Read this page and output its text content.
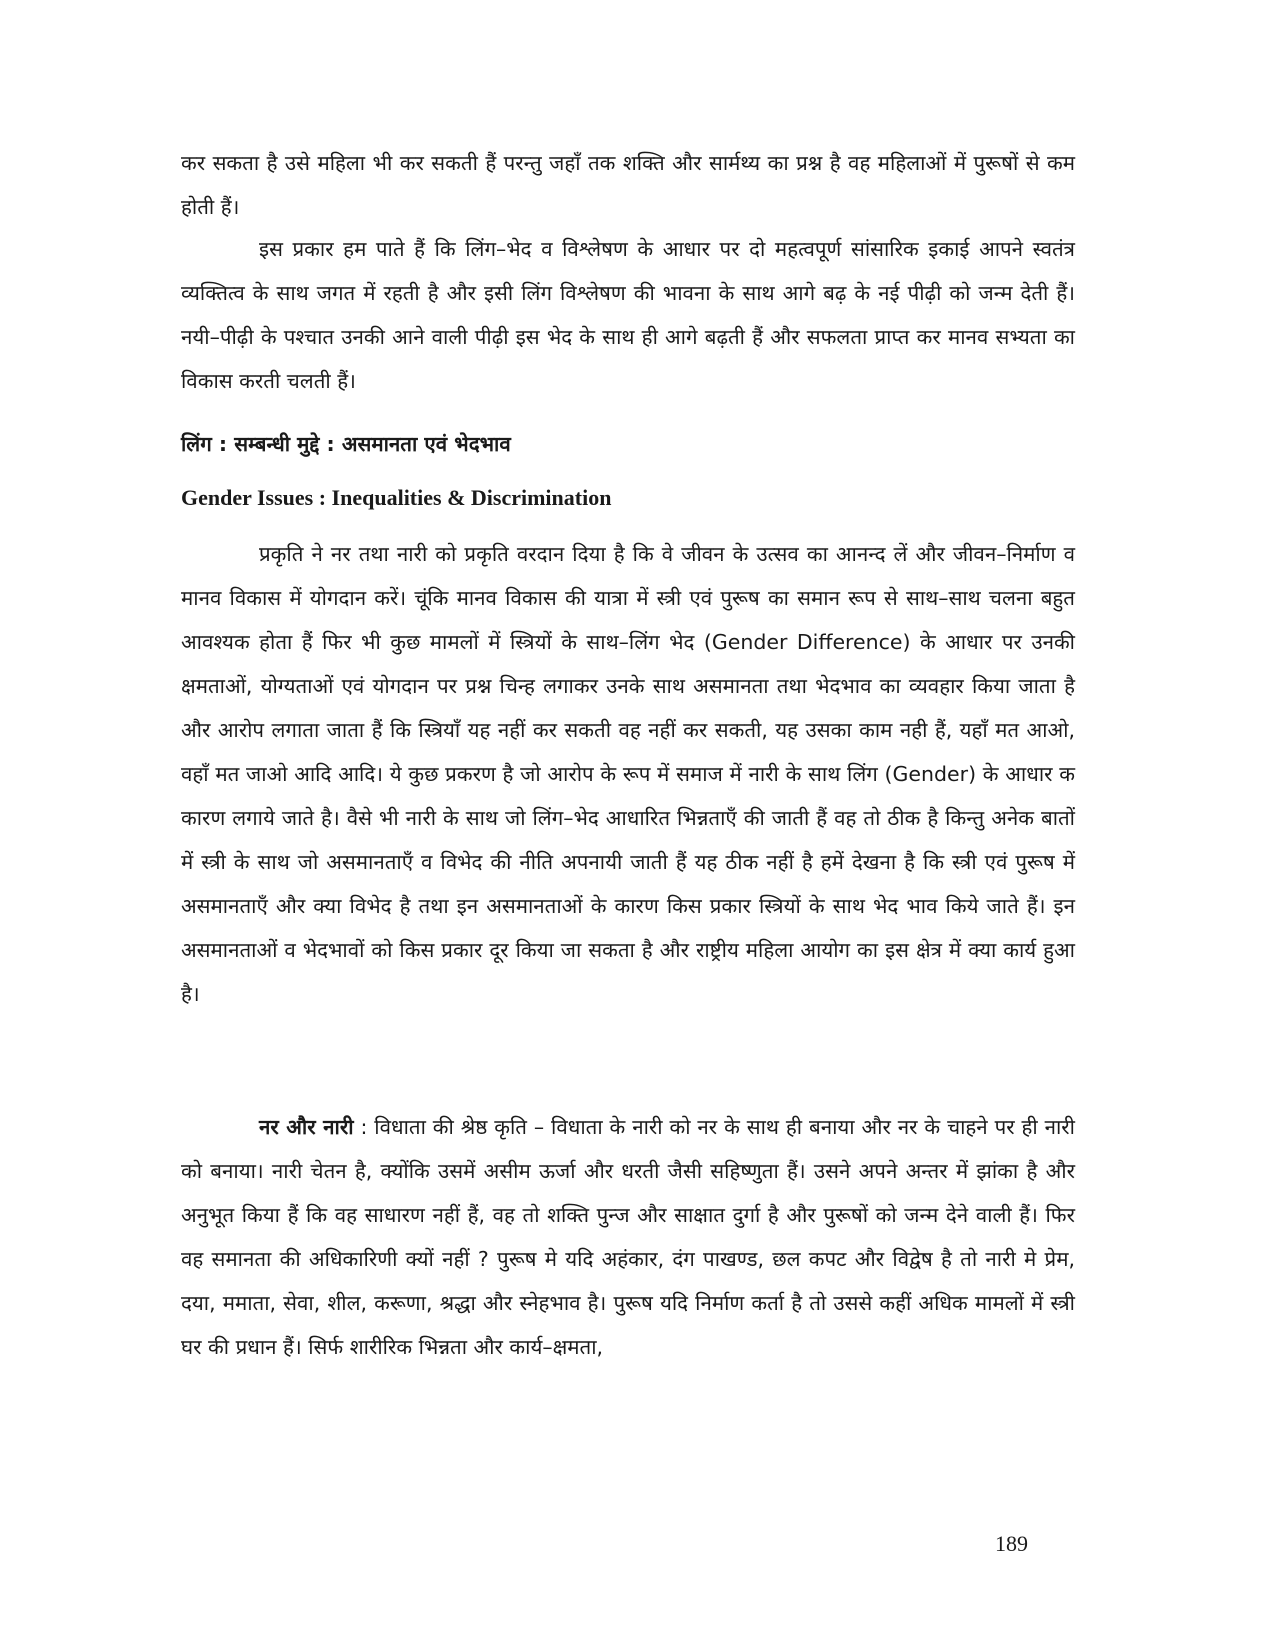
कर सकता है उसे महिला भी कर सकती हैं परन्तु जहाँ तक शक्ति और सार्मथ्य का प्रश्न है वह महिलाओं में पुरूषों से कम होती हैं।

इस प्रकार हम पाते हैं कि लिंग–भेद व विश्लेषण के आधार पर दो महत्वपूर्ण सांसारिक इकाई आपने स्वतंत्र व्यक्तित्व के साथ जगत में रहती है और इसी लिंग विश्लेषण की भावना के साथ आगे बढ़ के नई पीढ़ी को जन्म देती हैं। नयी–पीढ़ी के पश्चात उनकी आने वाली पीढ़ी इस भेद के साथ ही आगे बढ़ती हैं और सफलता प्राप्त कर मानव सभ्यता का विकास करती चलती हैं।

लिंग : सम्बन्धी मुद्दे : असमानता एवं भेदभाव
Gender Issues : Inequalities & Discrimination

प्रकृति ने नर तथा नारी को प्रकृति वरदान दिया है कि वे जीवन के उत्सव का आनन्द लें और जीवन–निर्माण व मानव विकास में योगदान करें। चूंकि मानव विकास की यात्रा में स्त्री एवं पुरूष का समान रूप से साथ–साथ चलना बहुत आवश्यक होता हैं फिर भी कुछ मामलों में स्त्रियों के साथ–लिंग भेद (Gender Difference) के आधार पर उनकी क्षमताओं, योग्यताओं एवं योगदान पर प्रश्न चिन्ह लगाकर उनके साथ असमानता तथा भेदभाव का व्यवहार किया जाता है और आरोप लगाता जाता हैं कि स्त्रियाँ यह नहीं कर सकती वह नहीं कर सकती, यह उसका काम नही हैं, यहाँ मत आओ, वहाँ मत जाओ आदि आदि। ये कुछ प्रकरण है जो आरोप के रूप में समाज में नारी के साथ लिंग (Gender) के आधार क कारण लगाये जाते है। वैसे भी नारी के साथ जो लिंग–भेद आधारित भिन्नताएँ की जाती हैं वह तो ठीक है किन्तु अनेक बातों में स्त्री के साथ जो असमानताएँ व विभेद की नीति अपनायी जाती हैं यह ठीक नहीं है हमें देखना है कि स्त्री एवं पुरूष में असमानताएँ और क्या विभेद है तथा इन असमानताओं के कारण किस प्रकार स्त्रियों के साथ भेद भाव किये जाते हैं। इन असमानताओं व भेदभावों को किस प्रकार दूर किया जा सकता है और राष्ट्रीय महिला आयोग का इस क्षेत्र में क्या कार्य हुआ है।

नर और नारी : विधाता की श्रेष्ठ कृति – विधाता के नारी को नर के साथ ही बनाया और नर के चाहने पर ही नारी को बनाया। नारी चेतन है, क्योंकि उसमें असीम ऊर्जा और धरती जैसी सहिष्णुता हैं। उसने अपने अन्तर में झांका है और अनुभूत किया हैं कि वह साधारण नहीं हैं, वह तो शक्ति पुन्ज और साक्षात दुर्गा है और पुरूषों को जन्म देने वाली हैं। फिर वह समानता की अधिकारिणी क्यों नहीं ? पुरूष मे यदि अहंकार, दंग पाखण्ड, छल कपट और विद्वेष है तो नारी मे प्रेम, दया, ममाता, सेवा, शील, करूणा, श्रद्धा और स्नेहभाव है। पुरूष यदि निर्माण कर्ता है तो उससे कहीं अधिक मामलों में स्त्री घर की प्रधान हैं। सिर्फ शारीरिक भिन्नता और कार्य–क्षमता,

189
